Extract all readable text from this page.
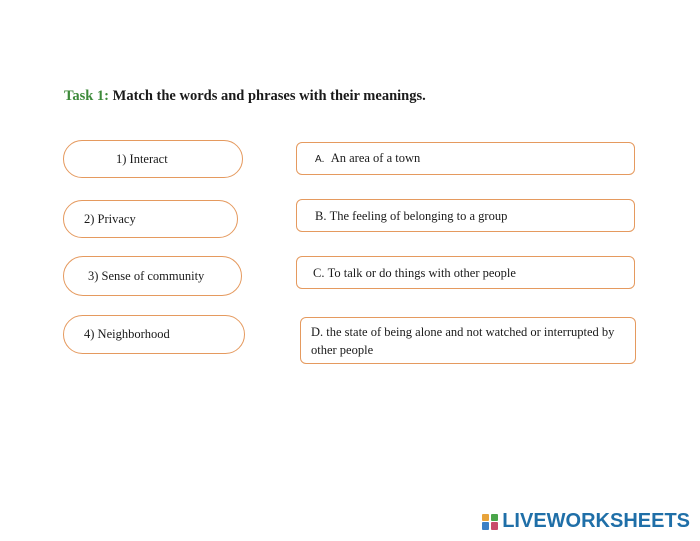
Task 1: Match the words and phrases with their meanings.
1) Interact
2) Privacy
3) Sense of community
4) Neighborhood
A. An area of a town
B. The feeling of belonging to a group
C. To talk or do things with other people
D. the state of being alone and not watched or interrupted by other people
LIVEWORKSHEETS
